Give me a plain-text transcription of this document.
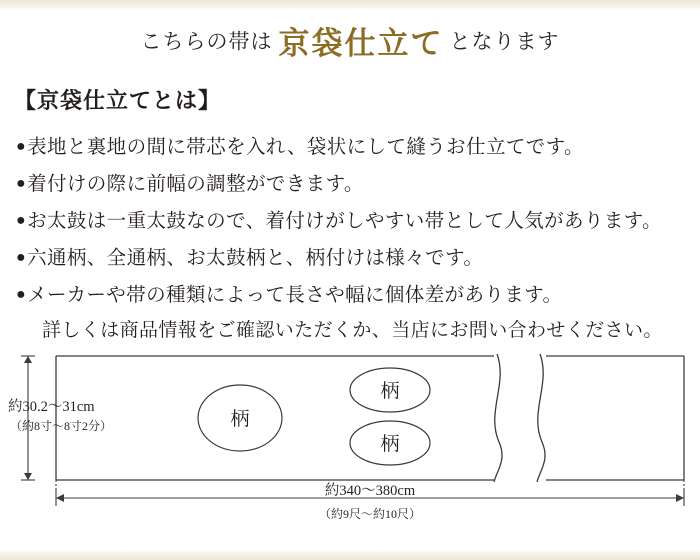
こちらの帯は 京袋仕立て となります
【京袋仕立てとは】
●表地と裏地の間に帯芯を入れ、袋状にして縫うお仕立てです。
●着付けの際に前幅の調整ができます。
●お太鼓は一重太鼓なので、着付けがしやすい帯として人気があります。
●六通柄、全通柄、お太鼓柄と、柄付けは様々です。
●メーカーや帯の種類によって長さや幅に個体差があります。
詳しくは商品情報をご確認いただくか、当店にお問い合わせください。
柄
柄
柄
約30.2〜31cm
（約8寸〜8寸2分）
約340〜380cm
（約9尺〜約10尺）
